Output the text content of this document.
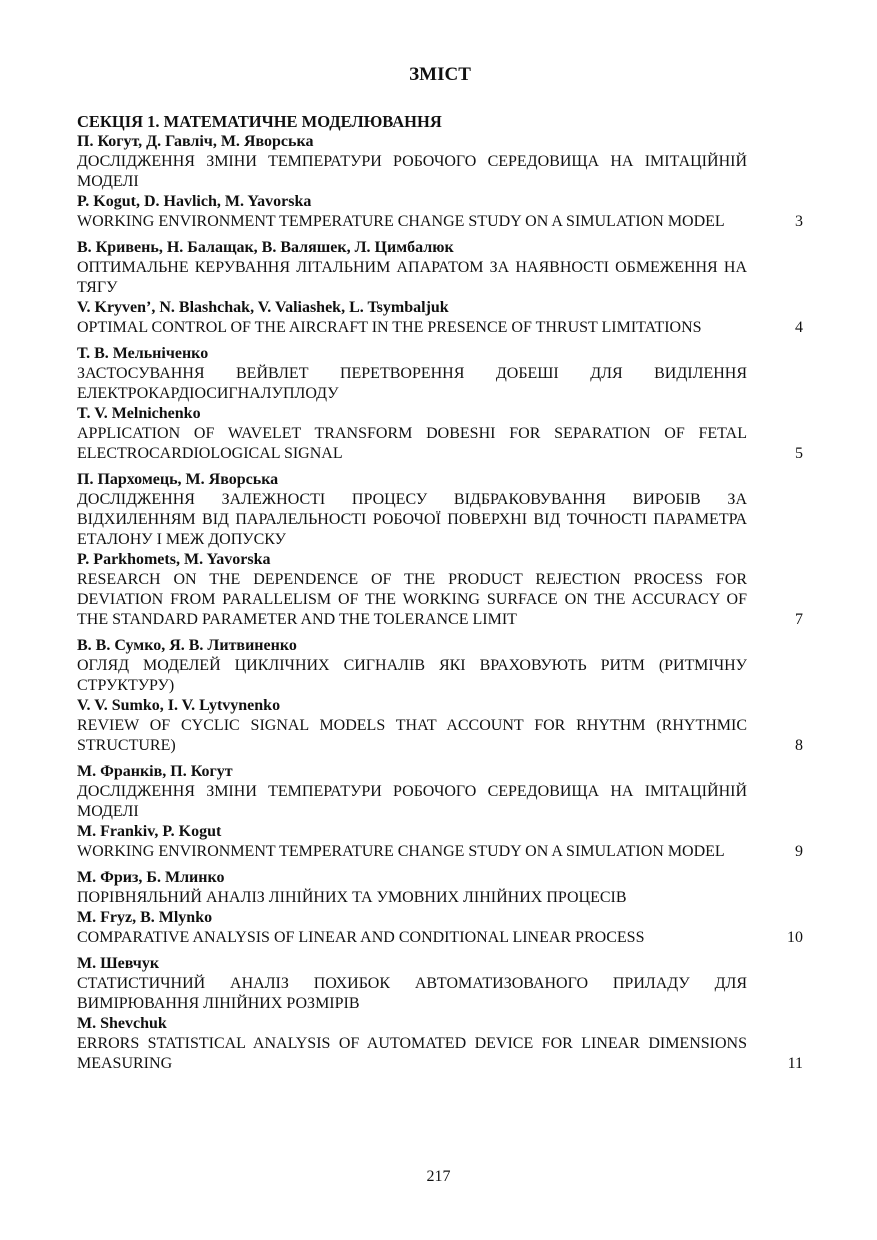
ЗМІСТ
СЕКЦІЯ 1. МАТЕМАТИЧНЕ МОДЕЛЮВАННЯ
П. Когут, Д. Гавліч, М. Яворська
ДОСЛІДЖЕННЯ ЗМІНИ ТЕМПЕРАТУРИ РОБОЧОГО СЕРЕДОВИЩА НА ІМІТАЦІЙНІЙ МОДЕЛІ
P. Kogut, D. Havlich, M. Yavorska
WORKING ENVIRONMENT TEMPERATURE CHANGE STUDY ON A SIMULATION MODEL	3
В. Кривень, Н. Балащак, В. Валяшек, Л. Цимбалюк
ОПТИМАЛЬНЕ КЕРУВАННЯ ЛІТАЛЬНИМ АПАРАТОМ ЗА НАЯВНОСТІ ОБМЕЖЕННЯ НА ТЯГУ
V. Kryven’, N. Blashchak, V. Valiashek, L. Tsymbaljuk
OPTIMAL CONTROL OF THE AIRCRAFT IN THE PRESENCE OF THRUST LIMITATIONS	4
Т. В. Мельніченко
ЗАСТОСУВАННЯ ВЕЙВЛЕТ ПЕРЕТВОРЕННЯ ДОБЕШІ ДЛЯ ВИДІЛЕННЯ ЕЛЕКТРОКАРДІОСИГНАЛУПЛОДУ
T. V. Melnichenko
APPLICATION OF WAVELET TRANSFORM DOBESHI FOR SEPARATION OF FETAL ELECTROCARDIOLOGICAL SIGNAL	5
П. Пархомець, М. Яворська
ДОСЛІДЖЕННЯ ЗАЛЕЖНОСТІ ПРОЦЕСУ ВІДБРАКОВУВАННЯ ВИРОБІВ ЗА ВІДХИЛЕННЯМ ВІД ПАРАЛЕЛЬНОСТІ РОБОЧОЇ ПОВЕРХНІ ВІД ТОЧНОСТІ ПАРАМЕТРА ЕТАЛОНУ І МЕЖ ДОПУСКУ
P. Parkhomets, M. Yavorska
RESEARCH ON THE DEPENDENCE OF THE PRODUCT REJECTION PROCESS FOR DEVIATION FROM PARALLELISM OF THE WORKING SURFACE ON THE ACCURACY OF THE STANDARD PARAMETER AND THE TOLERANCE LIMIT	7
В. В. Сумко, Я. В. Литвиненко
ОГЛЯД МОДЕЛЕЙ ЦИКЛІЧНИХ СИГНАЛІВ ЯКІ ВРАХОВУЮТЬ РИТМ (РИТМІЧНУ СТРУКТУРУ)
V. V. Sumko, I. V. Lytvynenko
REVIEW OF CYCLIC SIGNAL MODELS THAT ACCOUNT FOR RHYTHM (RHYTHMIC STRUCTURE)	8
М. Франків, П. Когут
ДОСЛІДЖЕННЯ ЗМІНИ ТЕМПЕРАТУРИ РОБОЧОГО СЕРЕДОВИЩА НА ІМІТАЦІЙНІЙ МОДЕЛІ
M. Frankiv, P. Kogut
WORKING ENVIRONMENT TEMPERATURE CHANGE STUDY ON A SIMULATION MODEL	9
М. Фриз, Б. Млинко
ПОРІВНЯЛЬНИЙ АНАЛІЗ ЛІНІЙНИХ ТА УМОВНИХ ЛІНІЙНИХ ПРОЦЕСІВ
M. Fryz, B. Mlynko
COMPARATIVE ANALYSIS OF LINEAR AND CONDITIONAL LINEAR PROCESS	10
М. Шевчук
СТАТИСТИЧНИЙ АНАЛІЗ ПОХИБОК АВТОМАТИЗОВАНОГО ПРИЛАДУ ДЛЯ ВИМІРЮВАННЯ ЛІНІЙНИХ РОЗМІРІВ
M. Shevchuk
ERRORS STATISTICAL ANALYSIS OF AUTOMATED DEVICE FOR LINEAR DIMENSIONS MEASURING	11
217
